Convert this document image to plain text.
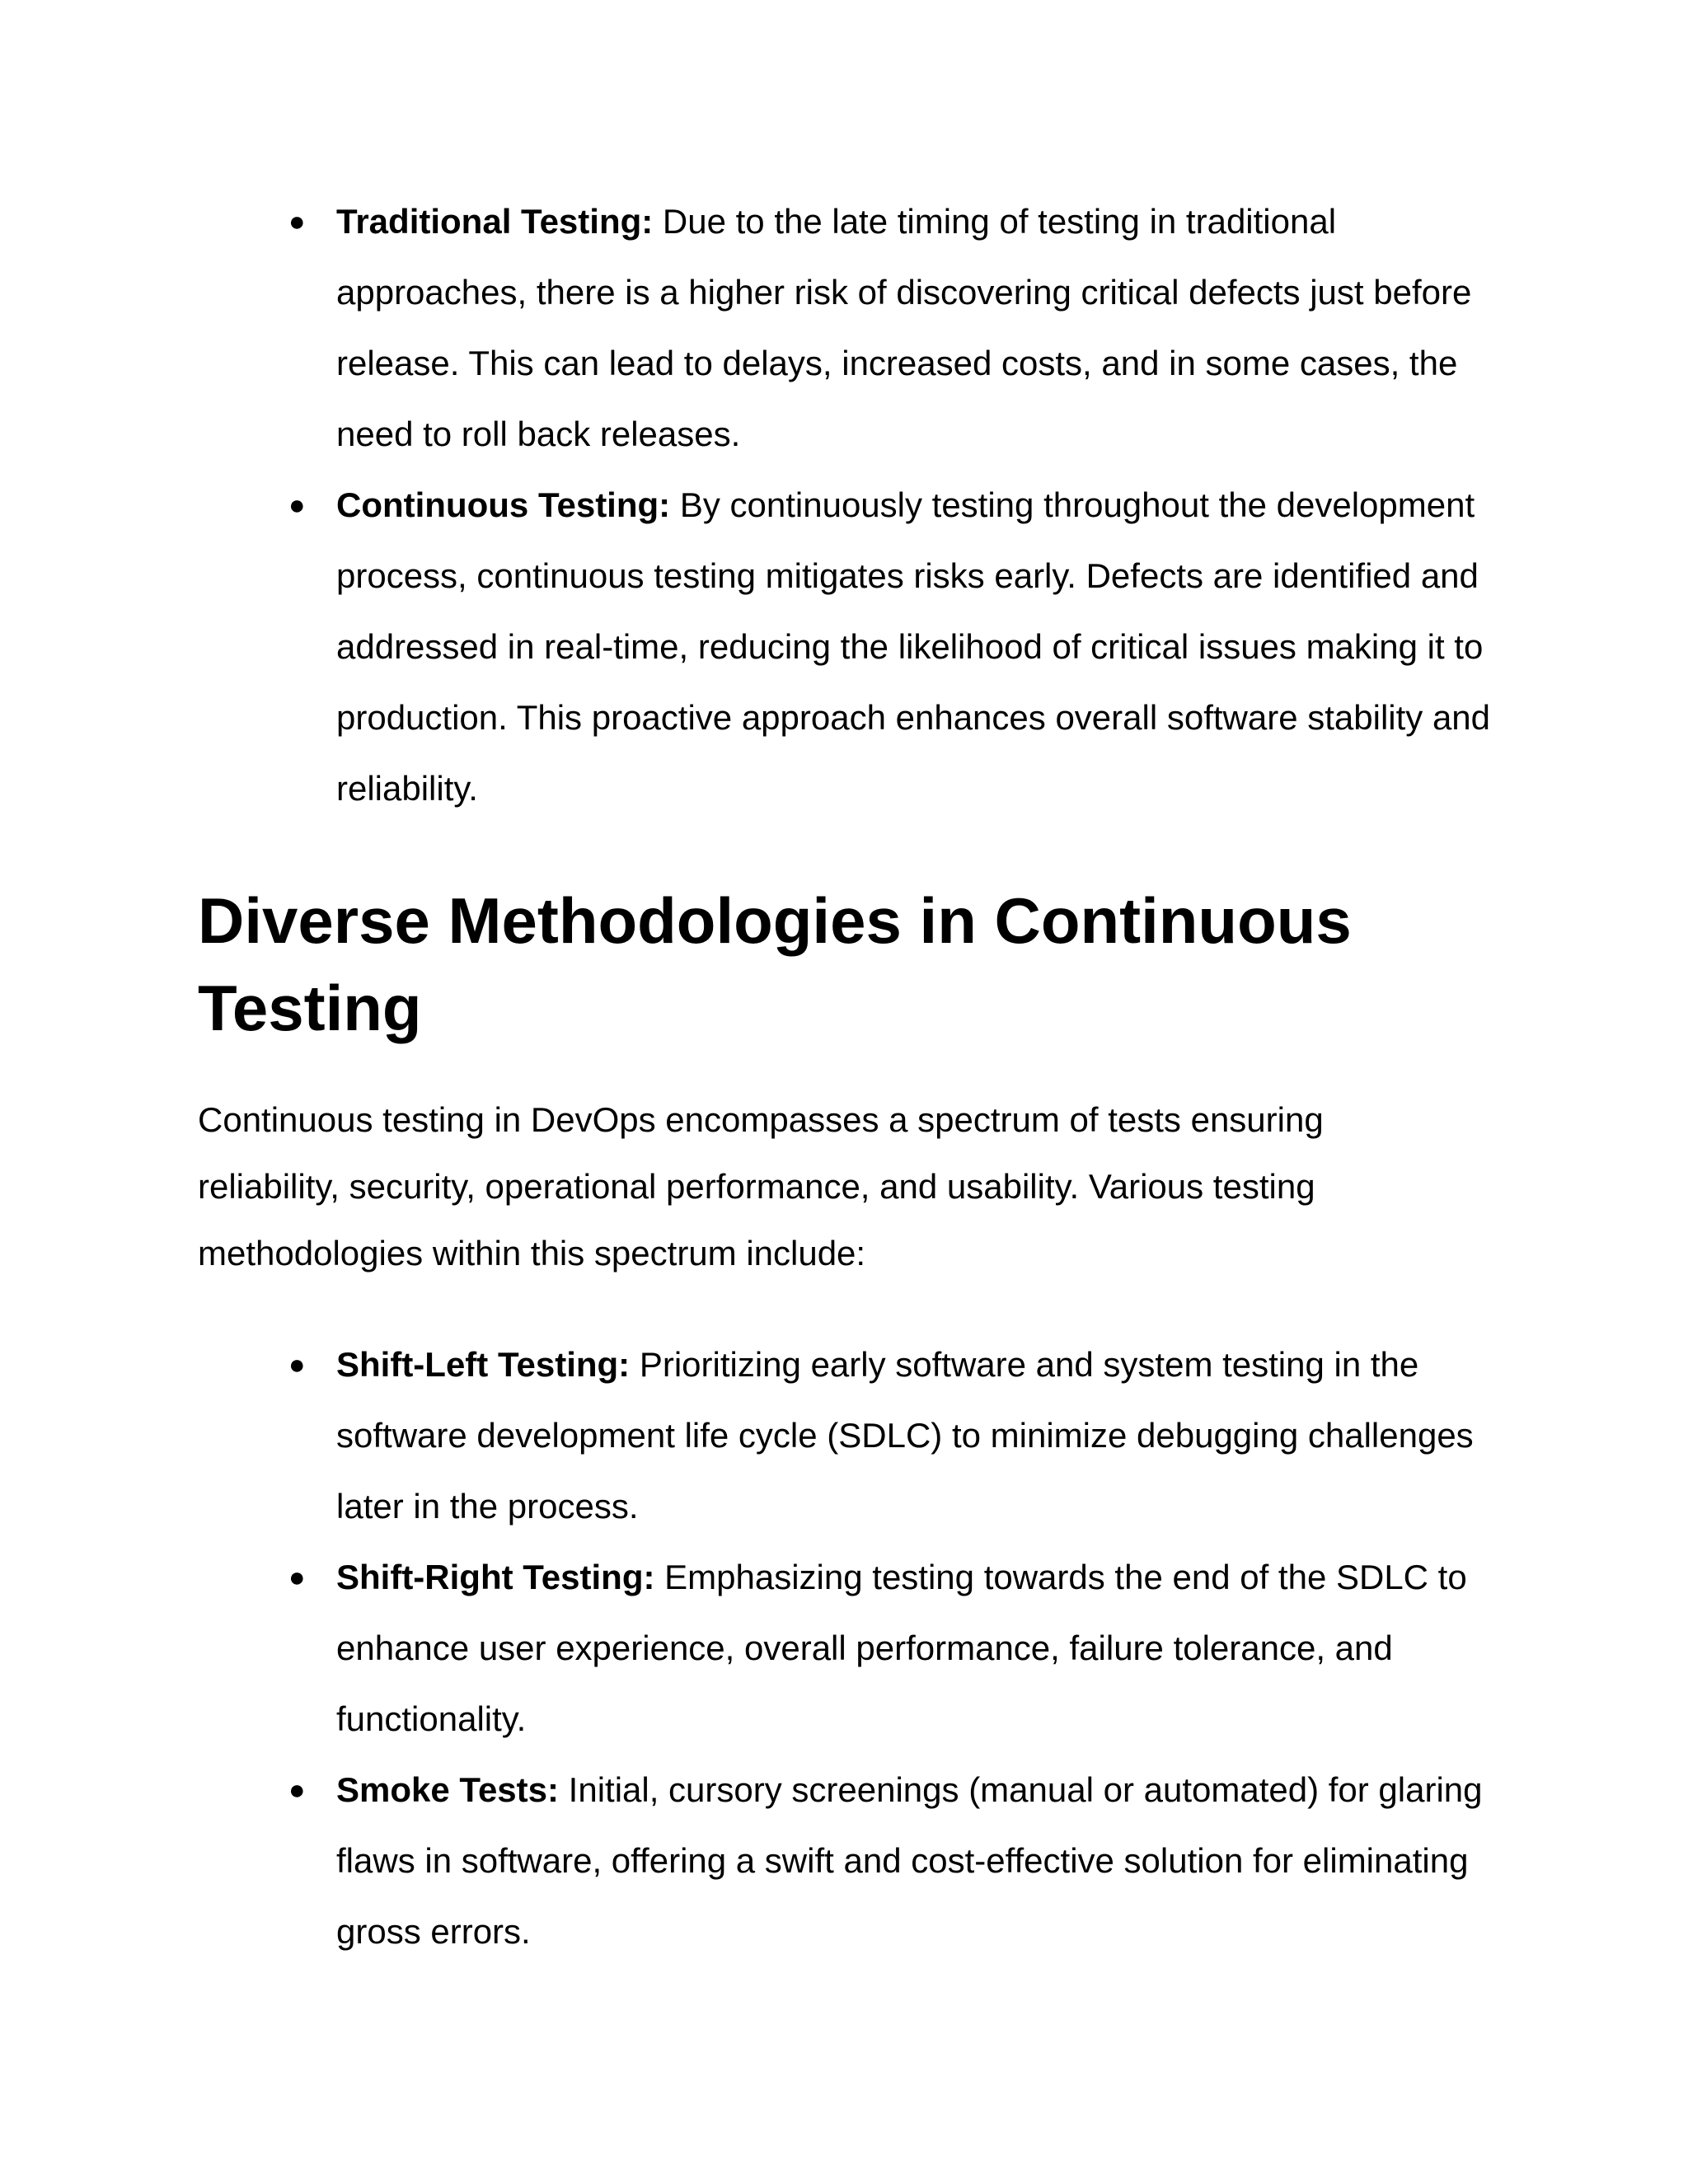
● Traditional Testing: Due to the late timing of testing in traditional approaches, there is a higher risk of discovering critical defects just before release. This can lead to delays, increased costs, and in some cases, the need to roll back releases.
● Continuous Testing: By continuously testing throughout the development process, continuous testing mitigates risks early. Defects are identified and addressed in real-time, reducing the likelihood of critical issues making it to production. This proactive approach enhances overall software stability and reliability.
Diverse Methodologies in Continuous Testing

Continuous testing in DevOps encompasses a spectrum of tests ensuring reliability, security, operational performance, and usability. Various testing methodologies within this spectrum include:

● Shift-Left Testing: Prioritizing early software and system testing in the software development life cycle (SDLC) to minimize debugging challenges later in the process.
● Shift-Right Testing: Emphasizing testing towards the end of the SDLC to enhance user experience, overall performance, failure tolerance, and functionality.
● Smoke Tests: Initial, cursory screenings (manual or automated) for glaring flaws in software, offering a swift and cost-effective solution for eliminating gross errors.
